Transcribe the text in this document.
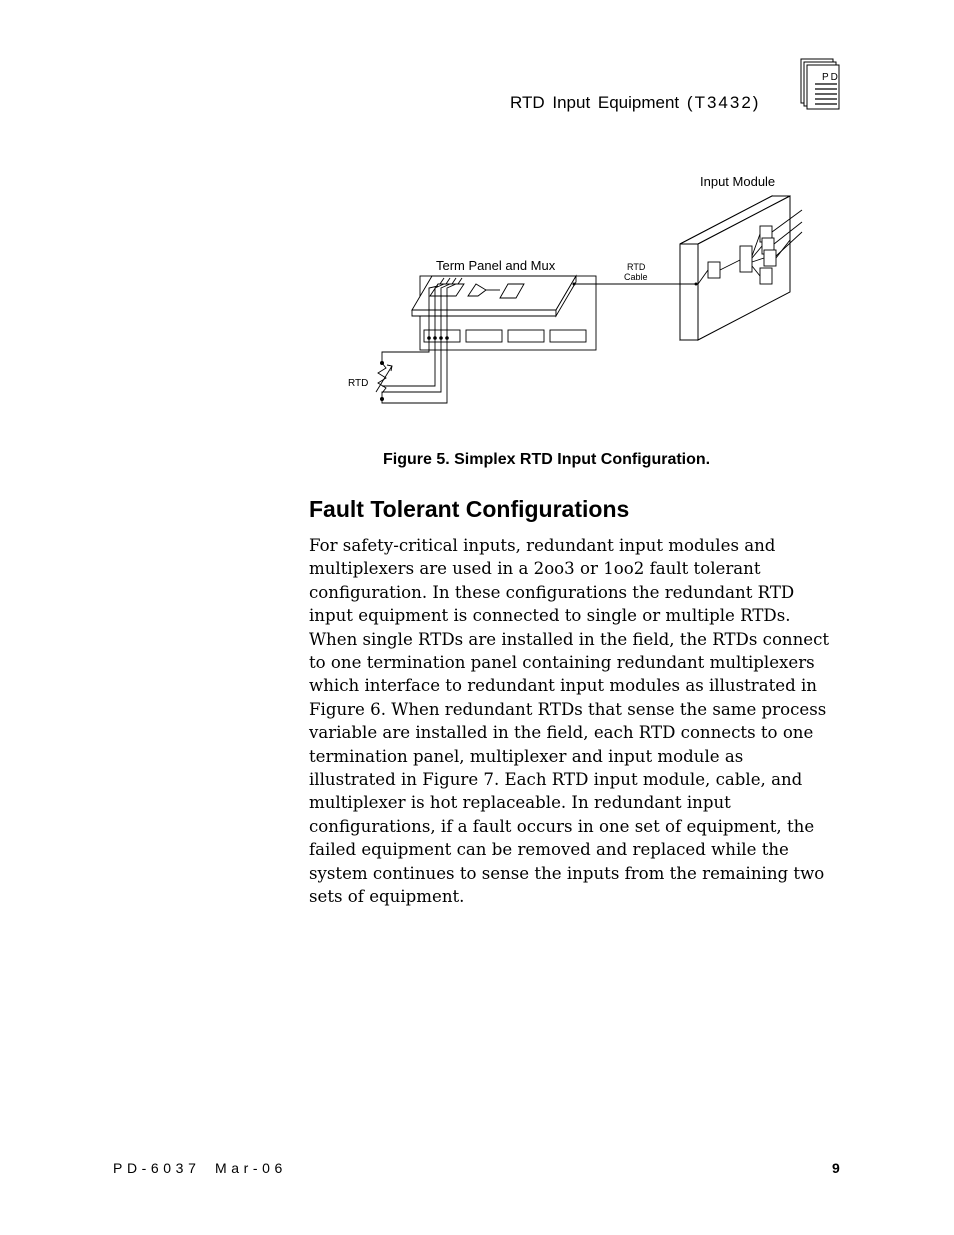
RTD Input Equipment (T3432)
PD
Input Module
Term Panel and Mux	RTD
Cable
RTD
Figure 5. Simplex RTD Input Configuration.
Fault Tolerant Configurations

For safety-critical inputs, redundant input modules and
multiplexers are used in a 2oo3 or 1oo2 fault tolerant
configuration. In these configurations the redundant RTD
input equipment is connected to single or multiple RTDs.
When single RTDs are installed in the field, the RTDs connect
to one termination panel containing redundant multiplexers
which interface to redundant input modules as illustrated in
Figure 6. When redundant RTDs that sense the same process
variable are installed in the field, each RTD connects to one
termination panel, multiplexer and input module as
illustrated in Figure 7. Each RTD input module, cable, and
multiplexer is hot replaceable. In redundant input
configurations, if a fault occurs in one set of equipment, the
failed equipment can be removed and replaced while the
system continues to sense the inputs from the remaining two
sets of equipment.

PD-6037 Mar-06	9
